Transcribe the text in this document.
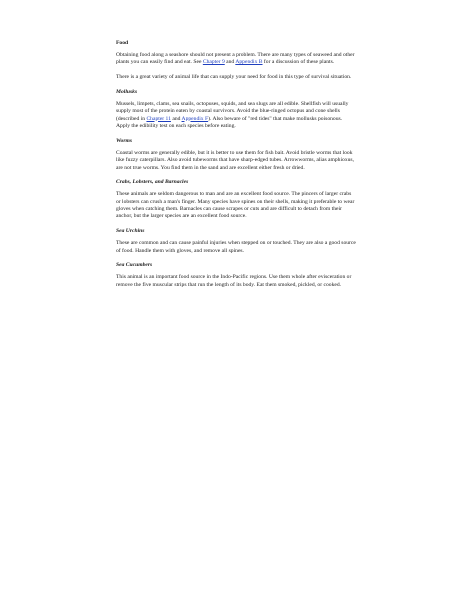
Food

Obtaining food along a seashore should not present a problem. There are many types of seaweed and other plants you can easily find and eat. See Chapter 9 and Appendix B for a discussion of these plants.

There is a great variety of animal life that can supply your need for food in this type of survival situation.

Mollusks

Mussels, limpets, clams, sea snails, octopuses, squids, and sea slugs are all edible. Shellfish will usually supply most of the protein eaten by coastal survivors. Avoid the blue-ringed octopus and cone shells (described in Chapter 11 and Appendix F). Also beware of "red tides" that make mollusks poisonous. Apply the edibility test on each species before eating.

Worms

Coastal worms are generally edible, but it is better to use them for fish bait. Avoid bristle worms that look like fuzzy caterpillars. Also avoid tubeworms that have sharp-edged tubes. Arrowworms, alias amphioxus, are not true worms. You find them in the sand and are excellent either fresh or dried.

Crabs, Lobsters, and Barnacles

These animals are seldom dangerous to man and are an excellent food source. The pincers of larger crabs or lobsters can crush a man's finger. Many species have spines on their shells, making it preferable to wear gloves when catching them. Barnacles can cause scrapes or cuts and are difficult to detach from their anchor, but the larger species are an excellent food source.

Sea Urchins

These are common and can cause painful injuries when stepped on or touched. They are also a good source of food. Handle them with gloves, and remove all spines.

Sea Cucumbers

This animal is an important food source in the Indo-Pacific regions. Use them whole after evisceration or remove the five muscular strips that run the length of its body. Eat them smoked, pickled, or cooked.
